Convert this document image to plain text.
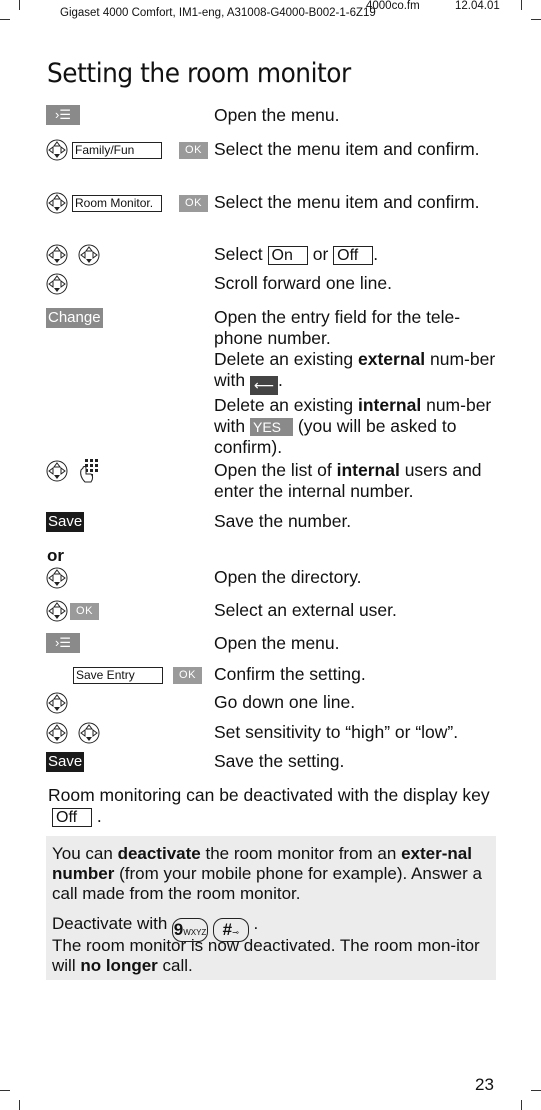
Gigaset 4000 Comfort, IM1-eng, A31008-G4000-B002-1-6Z19
4000co.fm	12.04.01
Setting the room monitor
›☰	Open the menu.
Family/Fun	OK Select the menu item and confirm.
Room Monitor.	OK Select the menu item and confirm.
Select On or Off .
Scroll forward one line.
Change	Open the entry field for the tele-phone number.
Delete an existing external num-ber with ⟵ .
Delete an existing internal num-ber with YES (you will be asked to confirm).
Open the list of internal users and enter the internal number.
Save	Save the number.
or
Open the directory.
OK	Select an external user.
›☰	Open the menu.
Save Entry	OK	Confirm the setting.
Go down one line.
Set sensitivity to “high” or “low”.
Save	Save the setting.
Room monitoring can be deactivated with the display key Off .
You can deactivate the room monitor from an exter-nal number (from your mobile phone for example). Answer a call made from the room monitor.
Deactivate with 9WXYZ #⊸ .
The room monitor is now deactivated. The room mon-itor will no longer call.
23
